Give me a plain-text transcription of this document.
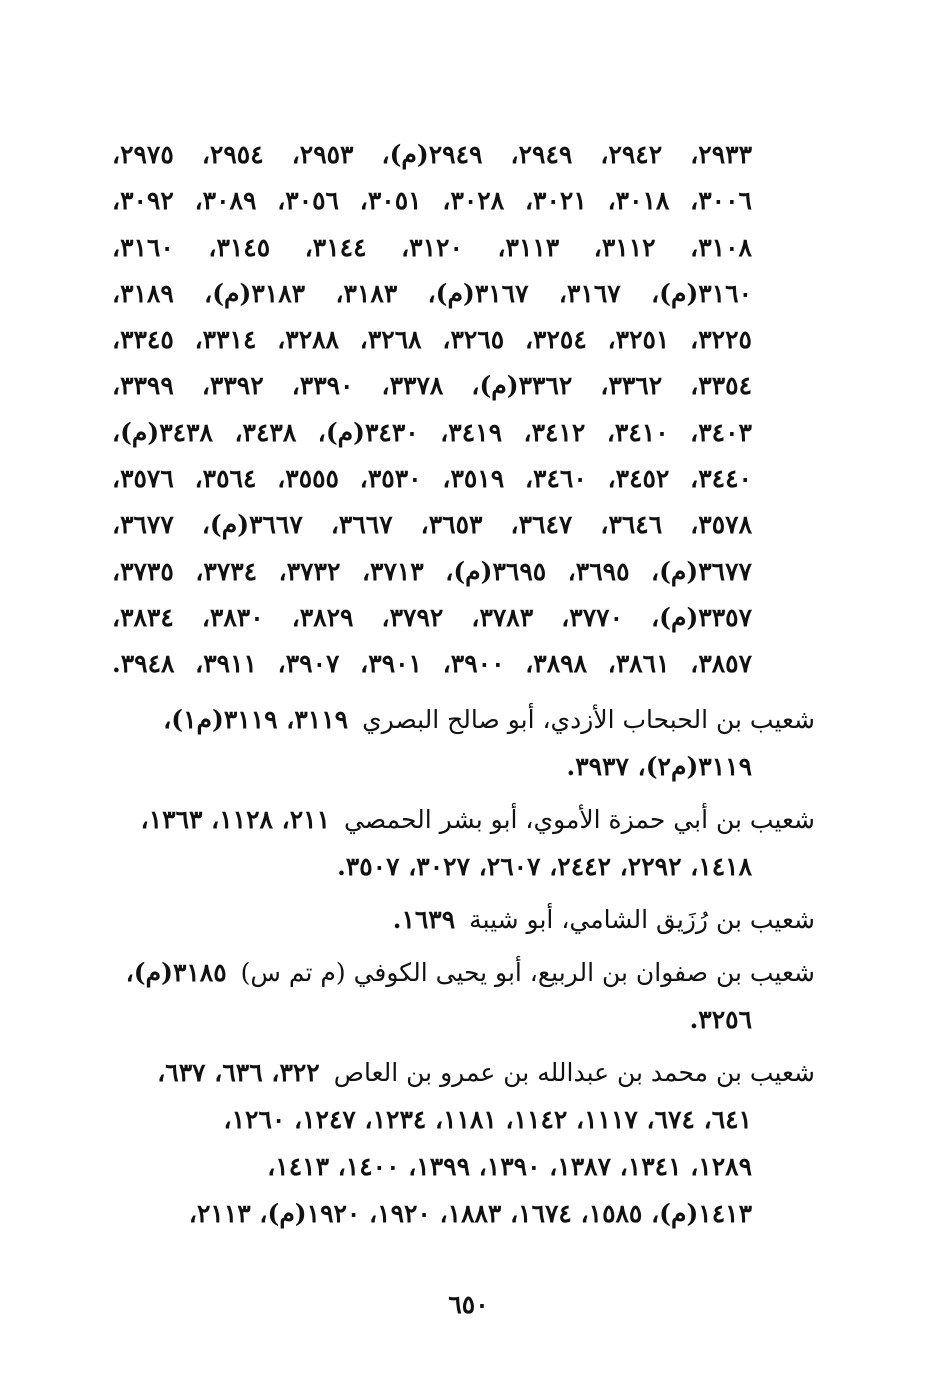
٢٩٣٣، ٢٩٤٢، ٢٩٤٩، ٢٩٤٩(م)، ٢٩٥٣، ٢٩٥٤، ٢٩٧٥،
٣٠٠٦، ٣٠١٨، ٣٠٢١، ٣٠٢٨، ٣٠٥١، ٣٠٥٦، ٣٠٨٩، ٣٠٩٢،
٣١٠٨، ٣١١٢، ٣١١٣، ٣١٢٠، ٣١٤٤، ٣١٤٥، ٣١٦٠،
٣١٦٠(م)، ٣١٦٧، ٣١٦٧(م)، ٣١٨٣، ٣١٨٣(م)، ٣١٨٩،
٣٢٢٥، ٣٢٥١، ٣٢٥٤، ٣٢٦٥، ٣٢٦٨، ٣٢٨٨، ٣٣١٤، ٣٣٤٥،
٣٣٥٤، ٣٣٦٢، ٣٣٦٢(م)، ٣٣٧٨، ٣٣٩٠، ٣٣٩٢، ٣٣٩٩،
٣٤٠٣، ٣٤١٠، ٣٤١٢، ٣٤١٩، ٣٤٣٠(م)، ٣٤٣٨، ٣٤٣٨(م)،
٣٤٤٠، ٣٤٥٢، ٣٤٦٠، ٣٥١٩، ٣٥٣٠، ٣٥٥٥، ٣٥٦٤، ٣٥٧٦،
٣٥٧٨، ٣٦٤٦، ٣٦٤٧، ٣٦٥٣، ٣٦٦٧، ٣٦٦٧(م)، ٣٦٧٧،
٣٦٧٧(م)، ٣٦٩٥، ٣٦٩٥(م)، ٣٧١٣، ٣٧٣٢، ٣٧٣٤، ٣٧٣٥،
٣٣٥٧(م)، ٣٧٧٠، ٣٧٨٣، ٣٧٩٢، ٣٨٢٩، ٣٨٣٠، ٣٨٣٤،
٣٨٥٧، ٣٨٦١، ٣٨٩٨، ٣٩٠٠، ٣٩٠١، ٣٩٠٧، ٣٩١١، ٣٩٤٨.
شعيب بن الحبحاب الأزدي، أبو صالح البصري٣١١٩، ٣١١٩(م١)،
٣١١٩(م٢)، ٣٩٣٧.
شعيب بن أبي حمزة الأموي، أبو بشر الحمصي٢١١، ١١٢٨، ١٣٦٣،
١٤١٨، ٢٢٩٢، ٢٤٤٢، ٢٦٠٧، ٣٠٢٧، ٣٥٠٧.
شعيب بن رُزَيق الشامي، أبو شيبة١٦٣٩.
شعيب بن صفوان بن الربيع، أبو يحيى الكوفي (م تم س)٣١٨٥(م)،
٣٢٥٦.
شعيب بن محمد بن عبدالله بن عمرو بن العاص٣٢٢، ٦٣٦، ٦٣٧،
٦٤١، ٦٧٤، ١١١٧، ١١٤٢، ١١٨١، ١٢٣٤، ١٢٤٧، ١٢٦٠،
١٢٨٩، ١٣٤١، ١٣٨٧، ١٣٩٠، ١٣٩٩، ١٤٠٠، ١٤١٣،
١٤١٣(م)، ١٥٨٥، ١٦٧٤، ١٨٨٣، ١٩٢٠، ١٩٢٠(م)، ٢١١٣،
٦٥٠
